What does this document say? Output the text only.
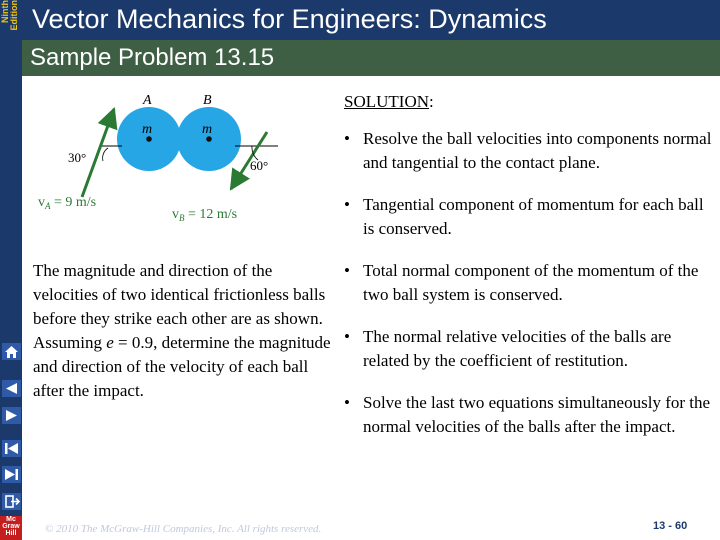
Ninth Edition
Mc
Graw
Hill
Vector Mechanics for Engineers: Dynamics
Sample Problem 13.15
A	B
m	m
30°
60°
$v_A = 9$ m/s
$v_B = 12$ m/s
The magnitude and direction of the velocities of two identical frictionless balls before they strike each other are as shown. Assuming e = 0.9, determine the magnitude and direction of the velocity of each ball after the impact.
SOLUTION:
• Resolve the ball velocities into components normal and tangential to the contact plane.
• Tangential component of momentum for each ball is conserved.
• Total normal component of the momentum of the two ball system is conserved.
• The normal relative velocities of the balls are related by the coefficient of restitution.
• Solve the last two equations simultaneously for the normal velocities of the balls after the impact.
© 2010 The McGraw-Hill Companies, Inc. All rights reserved.	13 - 60
